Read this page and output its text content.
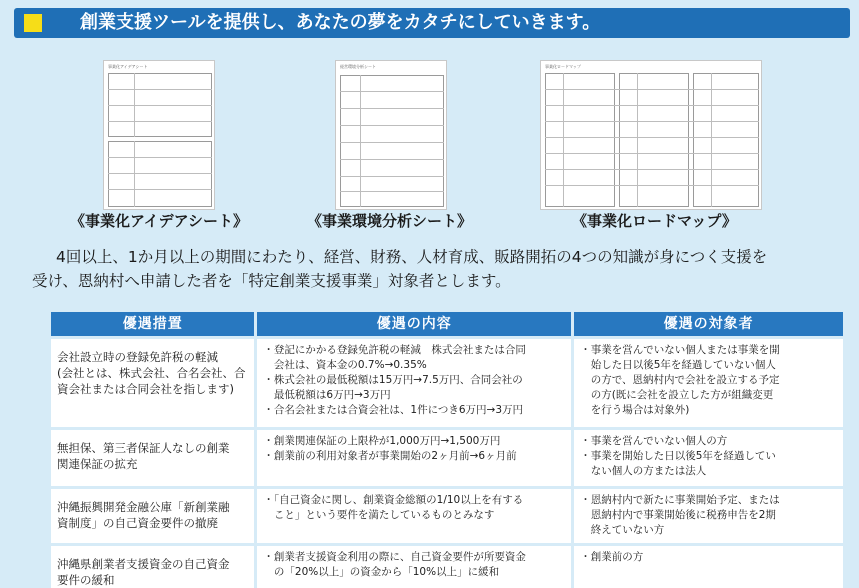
創業支援ツールを提供し、あなたの夢をカタチにしていきます。
事業化アイデアシート
《事業化アイデアシート》
経営環境分析シート
《事業環境分析シート》
事業化ロードマップ
《事業化ロードマップ》
4回以上、1か月以上の期間にわたり、経営、財務、人材育成、販路開拓の4つの知識が身につく支援を
受け、恩納村へ申請した者を「特定創業支援事業」対象者とします。
優遇措置	優遇の内容	優遇の対象者

会社設立時の登録免許税の軽減
(会社とは、株式会社、合名会社、合
資会社または合同会社を指します)	・登記にかかる登録免許税の軽減　株式会社または合同
　会社は、資本金の0.7%→0.35%
・株式会社の最低税額は15万円→7.5万円、合同会社の
　最低税額は6万円→3万円
・合名会社または合資会社は、1件につき6万円→3万円	・事業を営んでいない個人または事業を開
　始した日以後5年を経過していない個人
　の方で、恩納村内で会社を設立する予定
　の方(既に会社を設立した方が組織変更
　を行う場合は対象外)

無担保、第三者保証人なしの創業
関連保証の拡充	・創業関連保証の上限枠が1,000万円→1,500万円
・創業前の利用対象者が事業開始の2ヶ月前→6ヶ月前	・事業を営んでいない個人の方
・事業を開始した日以後5年を経過してい
　ない個人の方または法人

沖縄振興開発金融公庫「新創業融
資制度」の自己資金要件の撤廃	・「自己資金に関し、創業資金総額の1/10以上を有する
　こと」という要件を満たしているものとみなす	・恩納村内で新たに事業開始予定、または
　恩納村内で事業開始後に税務申告を2期
　終えていない方

沖縄県創業者支援資金の自己資金
要件の緩和	・創業者支援資金利用の際に、自己資金要件が所要資金
　の「20%以上」の資金から「10%以上」に緩和	・創業前の方
